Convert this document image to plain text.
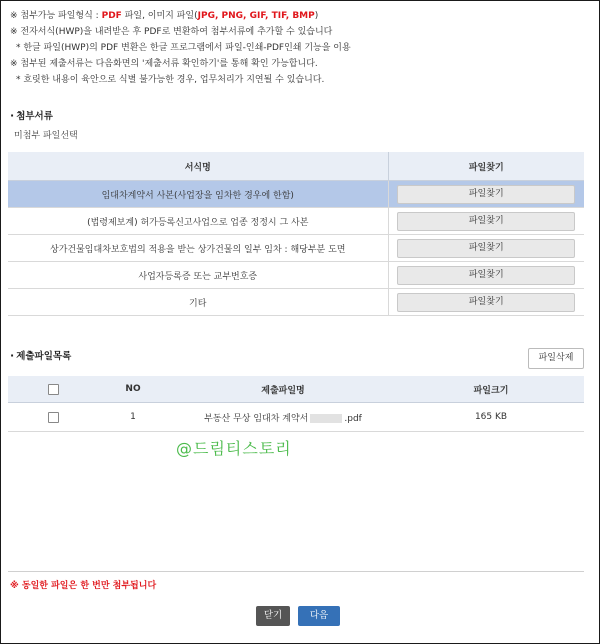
※ 첨부가능 파일형식 : PDF 파일, 이미지 파일(JPG, PNG, GIF, TIF, BMP)
※ 전자서식(HWP)을 내려받은 후 PDF로 변환하여 첨부서류에 추가할 수 있습니다
* 한글 파일(HWP)의 PDF 변환은 한글 프로그램에서 파일-인쇄-PDF인쇄 기능을 이용
※ 첨부된 제출서류는 다음화면의 '제출서류 확인하기'를 통해 확인 가능합니다.
* 흐릿한 내용이 육안으로 식별 불가능한 경우, 업무처리가 지연될 수 있습니다.
· 첨부서류
미첨부 파일선택
서식명	파일찾기
임대차계약서 사본(사업장을 임차한 경우에 한함)	파일찾기
(법령제보계) 허가등록신고사업으로 업종 정정시 그 사본	파일찾기
상가건물임대차보호법의 적용을 받는 상가건물의 일부 임차 : 해당부분 도면	파일찾기
사업자등록증 또는 교부번호증	파일찾기
기타	파일찾기
· 제출파일목록	파일삭제
	NO	제출파일명	파일크기
	1	부동산 무상 임대차 계약서 .pdf	165 KB
@드림티스토리
※ 동일한 파일은 한 번만 첨부됩니다
닫기	다음
